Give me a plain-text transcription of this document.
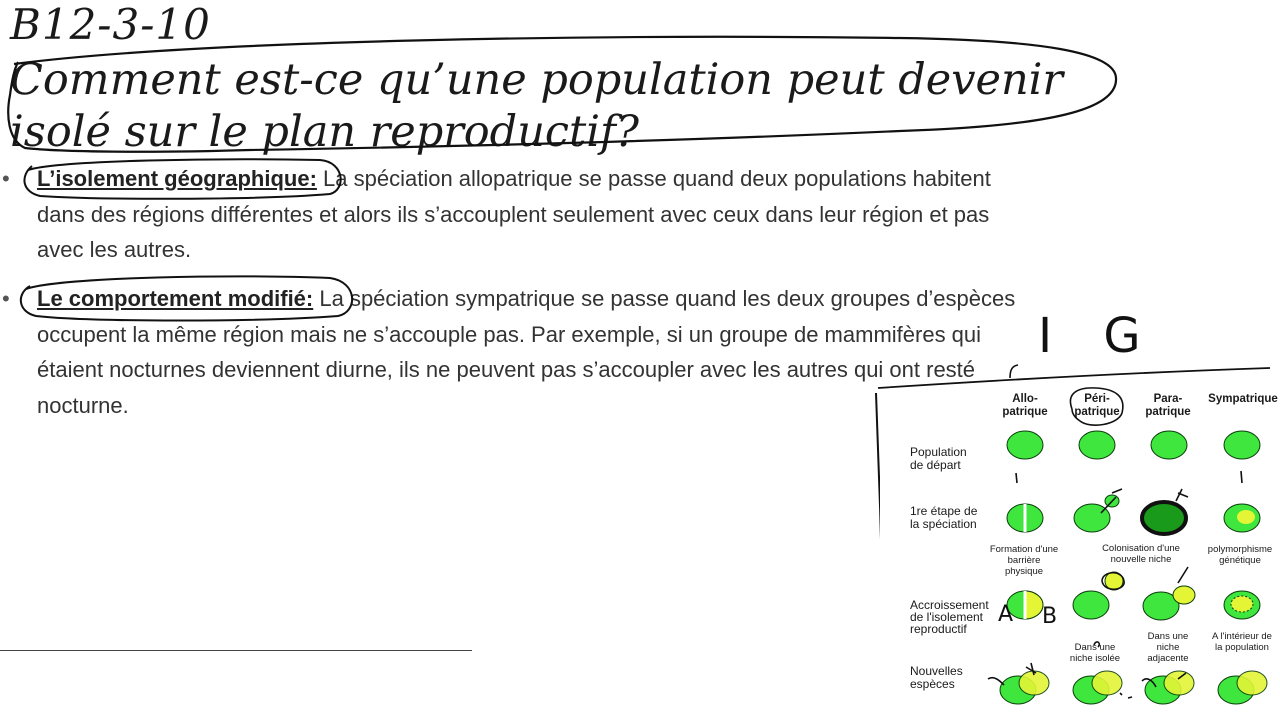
B12-3-10
Comment est-ce qu’une population peut devenir isolé sur le plan reproductif?
• L’isolement géographique: La spéciation allopatrique se passe quand deux populations habitent dans des régions différentes et alors ils s’accouplent seulement avec ceux dans leur région et pas avec les autres.
• Le comportement modifié: La spéciation sympatrique se passe quand les deux groupes d’espèces occupent la même région mais ne s’accouple pas. Par exemple, si un groupe de mammifères qui étaient nocturnes deviennent diurne, ils ne peuvent pas s’accoupler avec les autres qui ont resté nocturne.
I G
Allo-
patrique
Péri-
patrique
Para-
patrique
Sympatrique
Population
de départ
1re étape de
la spéciation
Accroissement
de l'isolement
reproductif
Nouvelles
espèces
Formation d'une
barrière
physique
Colonisation d'une
nouvelle niche
polymorphisme
génétique
Dans une
niche isolée
Dans une
niche
adjacente
A l'intérieur de
la population
A B
